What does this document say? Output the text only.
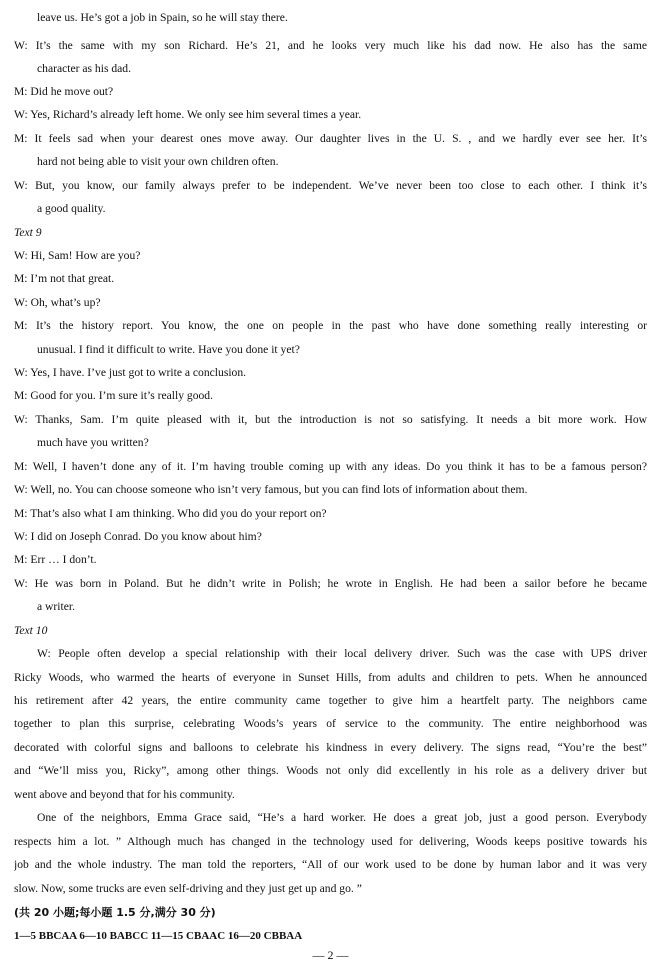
leave us. He’s got a job in Spain, so he will stay there.
W: It’s the same with my son Richard. He’s 21, and he looks very much like his dad now. He also has the same
character as his dad.
M: Did he move out?
W: Yes, Richard’s already left home. We only see him several times a year.
M: It feels sad when your dearest ones move away. Our daughter lives in the U. S. , and we hardly ever see her. It’s
hard not being able to visit your own children often.
W: But, you know, our family always prefer to be independent. We’ve never been too close to each other. I think it’s
a good quality.
Text 9
W: Hi, Sam! How are you?
M: I’m not that great.
W: Oh, what’s up?
M: It’s the history report. You know, the one on people in the past who have done something really interesting or
unusual. I find it difficult to write. Have you done it yet?
W: Yes, I have. I’ve just got to write a conclusion.
M: Good for you. I’m sure it’s really good.
W: Thanks, Sam. I’m quite pleased with it, but the introduction is not so satisfying. It needs a bit more work. How
much have you written?
M: Well, I haven’t done any of it. I’m having trouble coming up with any ideas. Do you think it has to be a famous person?
W: Well, no. You can choose someone who isn’t very famous, but you can find lots of information about them.
M: That’s also what I am thinking. Who did you do your report on?
W: I did on Joseph Conrad. Do you know about him?
M: Err … I don’t.
W: He was born in Poland. But he didn’t write in Polish; he wrote in English. He had been a sailor before he became
a writer.
Text 10
W: People often develop a special relationship with their local delivery driver. Such was the case with UPS driver
Ricky Woods, who warmed the hearts of everyone in Sunset Hills, from adults and children to pets. When he announced
his retirement after 42 years, the entire community came together to give him a heartfelt party. The neighbors came
together to plan this surprise, celebrating Woods’s years of service to the community. The entire neighborhood was
decorated with colorful signs and balloons to celebrate his kindness in every delivery. The signs read, “You’re the best”
and “We’ll miss you, Ricky”, among other things. Woods not only did excellently in his role as a delivery driver but
went above and beyond that for his community.
One of the neighbors, Emma Grace said, “He’s a hard worker. He does a great job, just a good person. Everybody
respects him a lot. ” Although much has changed in the technology used for delivering, Woods keeps positive towards his
job and the whole industry. The man told the reporters, “All of our work used to be done by human labor and it was very
slow. Now, some trucks are even self-driving and they just get up and go. ”
(共 20 小题;每小题 1.5 分,满分 30 分)
1—5 BBCAA 6—10 BABCC 11—15 CBAAC 16—20 CBBAA
— 2 —
